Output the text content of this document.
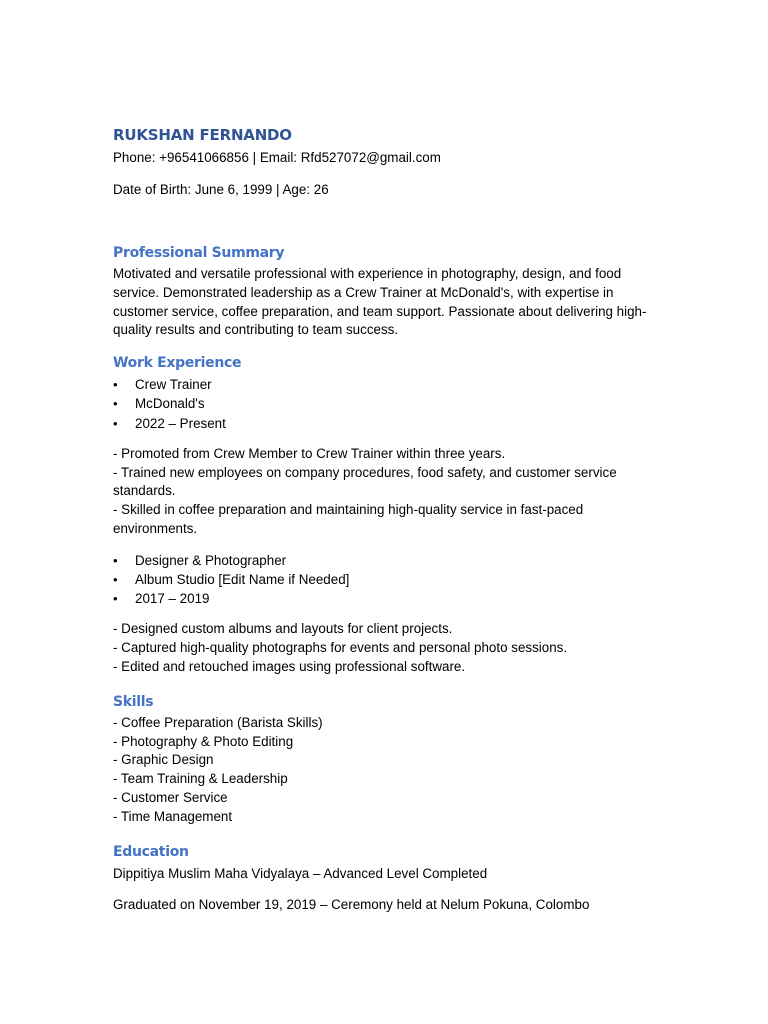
RUKSHAN FERNANDO

Phone: +96541066856 | Email: Rfd527072@gmail.com

Date of Birth: June 6, 1999 | Age: 26

Professional Summary

Motivated and versatile professional with experience in photography, design, and food service. Demonstrated leadership as a Crew Trainer at McDonald's, with expertise in customer service, coffee preparation, and team support. Passionate about delivering high-quality results and contributing to team success.

Work Experience
• Crew Trainer
• McDonald's
• 2022 – Present

- Promoted from Crew Member to Crew Trainer within three years.

- Trained new employees on company procedures, food safety, and customer service standards.

- Skilled in coffee preparation and maintaining high-quality service in fast-paced environments.

• Designer & Photographer
• Album Studio [Edit Name if Needed]
• 2017 – 2019

- Designed custom albums and layouts for client projects.

- Captured high-quality photographs for events and personal photo sessions.

- Edited and retouched images using professional software.

Skills

- Coffee Preparation (Barista Skills)

- Photography & Photo Editing

- Graphic Design

- Team Training & Leadership

- Customer Service

- Time Management

Education

Dippitiya Muslim Maha Vidyalaya – Advanced Level Completed

Graduated on November 19, 2019 – Ceremony held at Nelum Pokuna, Colombo
